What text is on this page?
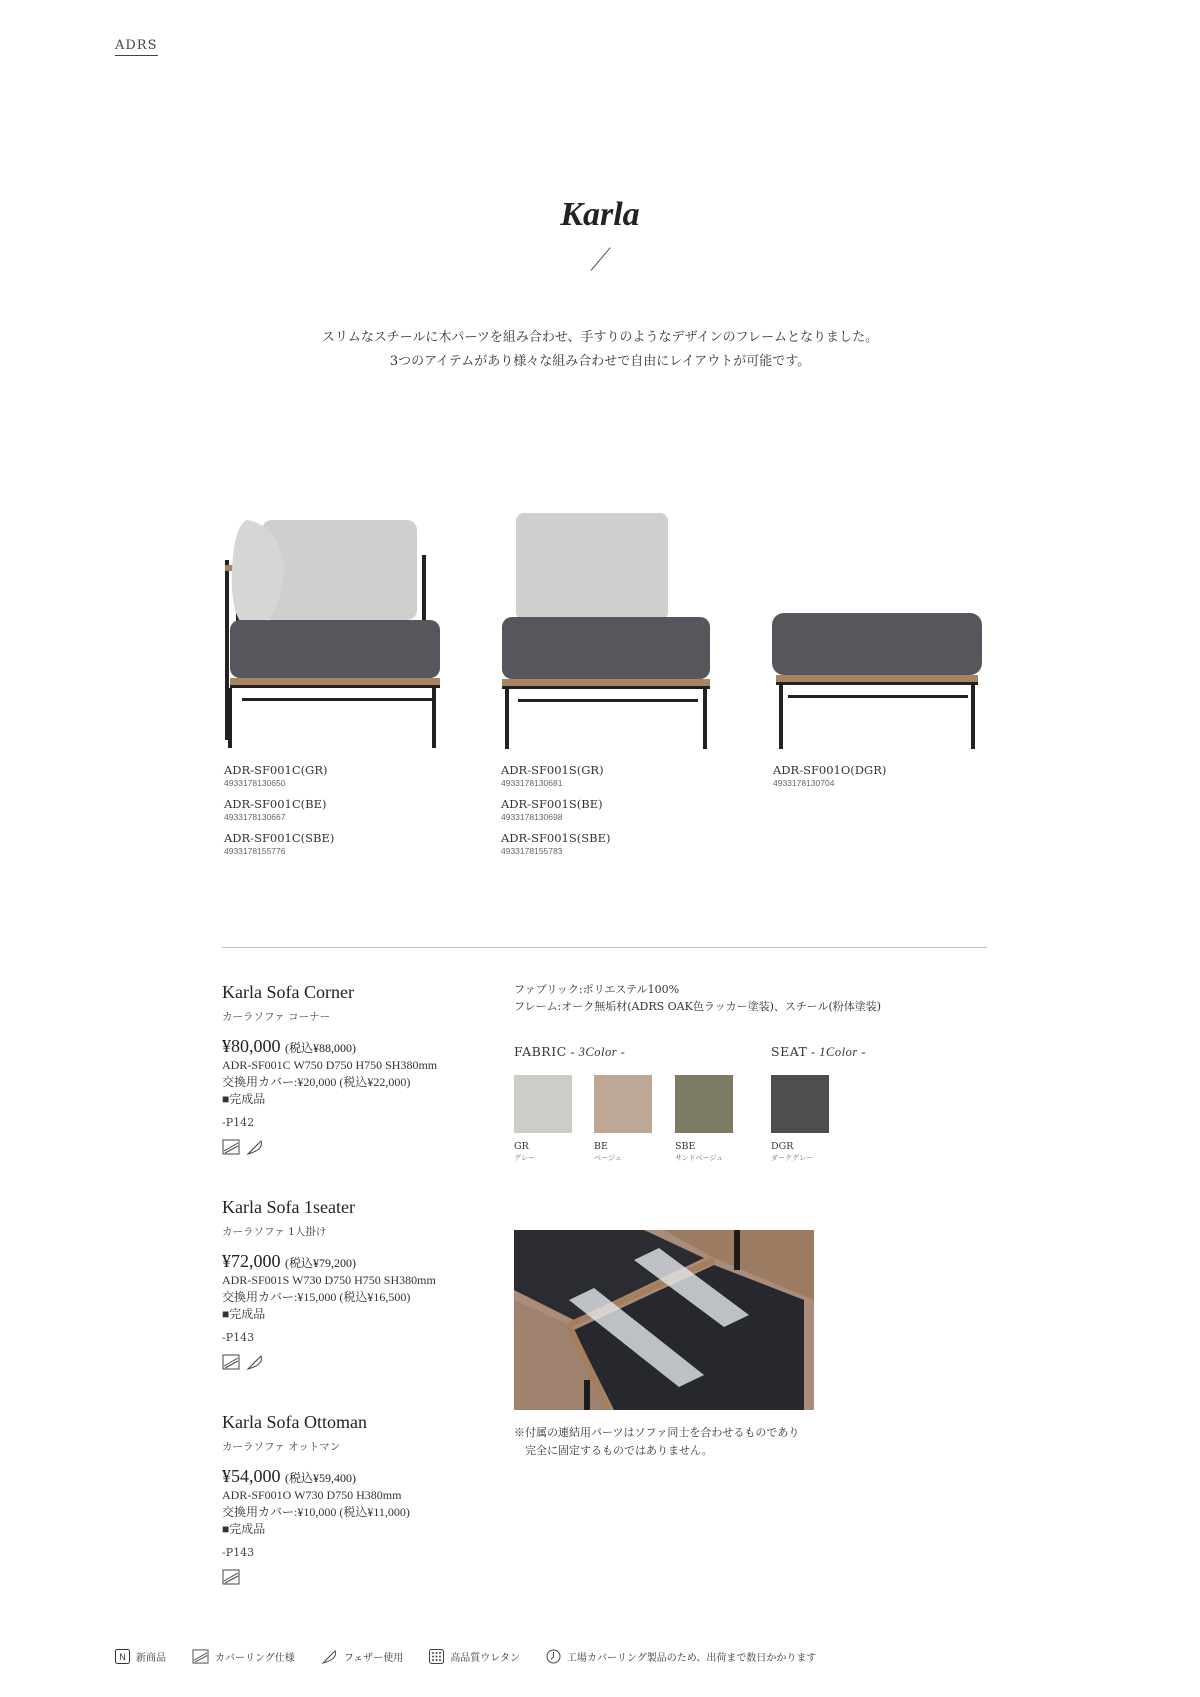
ADRS
Karla
スリムなスチールに木パーツを組み合わせ、手すりのようなデザインのフレームとなりました。
3つのアイテムがあり様々な組み合わせで自由にレイアウトが可能です。
ADR-SF001C(GR)
4933178130650
ADR-SF001C(BE)
4933178130667
ADR-SF001C(SBE)
4933178155776
ADR-SF001S(GR)
4933178130681
ADR-SF001S(BE)
4933178130698
ADR-SF001S(SBE)
4933178155783
ADR-SF001O(DGR)
4933178130704
Karla Sofa Corner
カーラソファ コーナー
¥80,000 (税込¥88,000)
ADR-SF001C W750 D750 H750 SH380mm
交換用カバー:¥20,000 (税込¥22,000)
■完成品
-P142
Karla Sofa 1seater
カーラソファ 1人掛け
¥72,000 (税込¥79,200)
ADR-SF001S W730 D750 H750 SH380mm
交換用カバー:¥15,000 (税込¥16,500)
■完成品
-P143
Karla Sofa Ottoman
カーラソファ オットマン
¥54,000 (税込¥59,400)
ADR-SF001O W730 D750 H380mm
交換用カバー:¥10,000 (税込¥11,000)
■完成品
-P143
ファブリック:ポリエステル100%
フレーム:オーク無垢材(ADRS OAK色ラッカー塗装)、スチール(粉体塗装)
FABRIC - 3Color -	SEAT - 1Color -
GR
グレー
BE
ベージュ
SBE
サンドベージュ
DGR
ダークグレー
※付属の連結用パーツはソファ同士を合わせるものであり
　完全に固定するものではありません。
N 新商品	カバーリング仕様	フェザー使用	高品質ウレタン	工場カバーリング製品のため、出荷まで数日かかります
